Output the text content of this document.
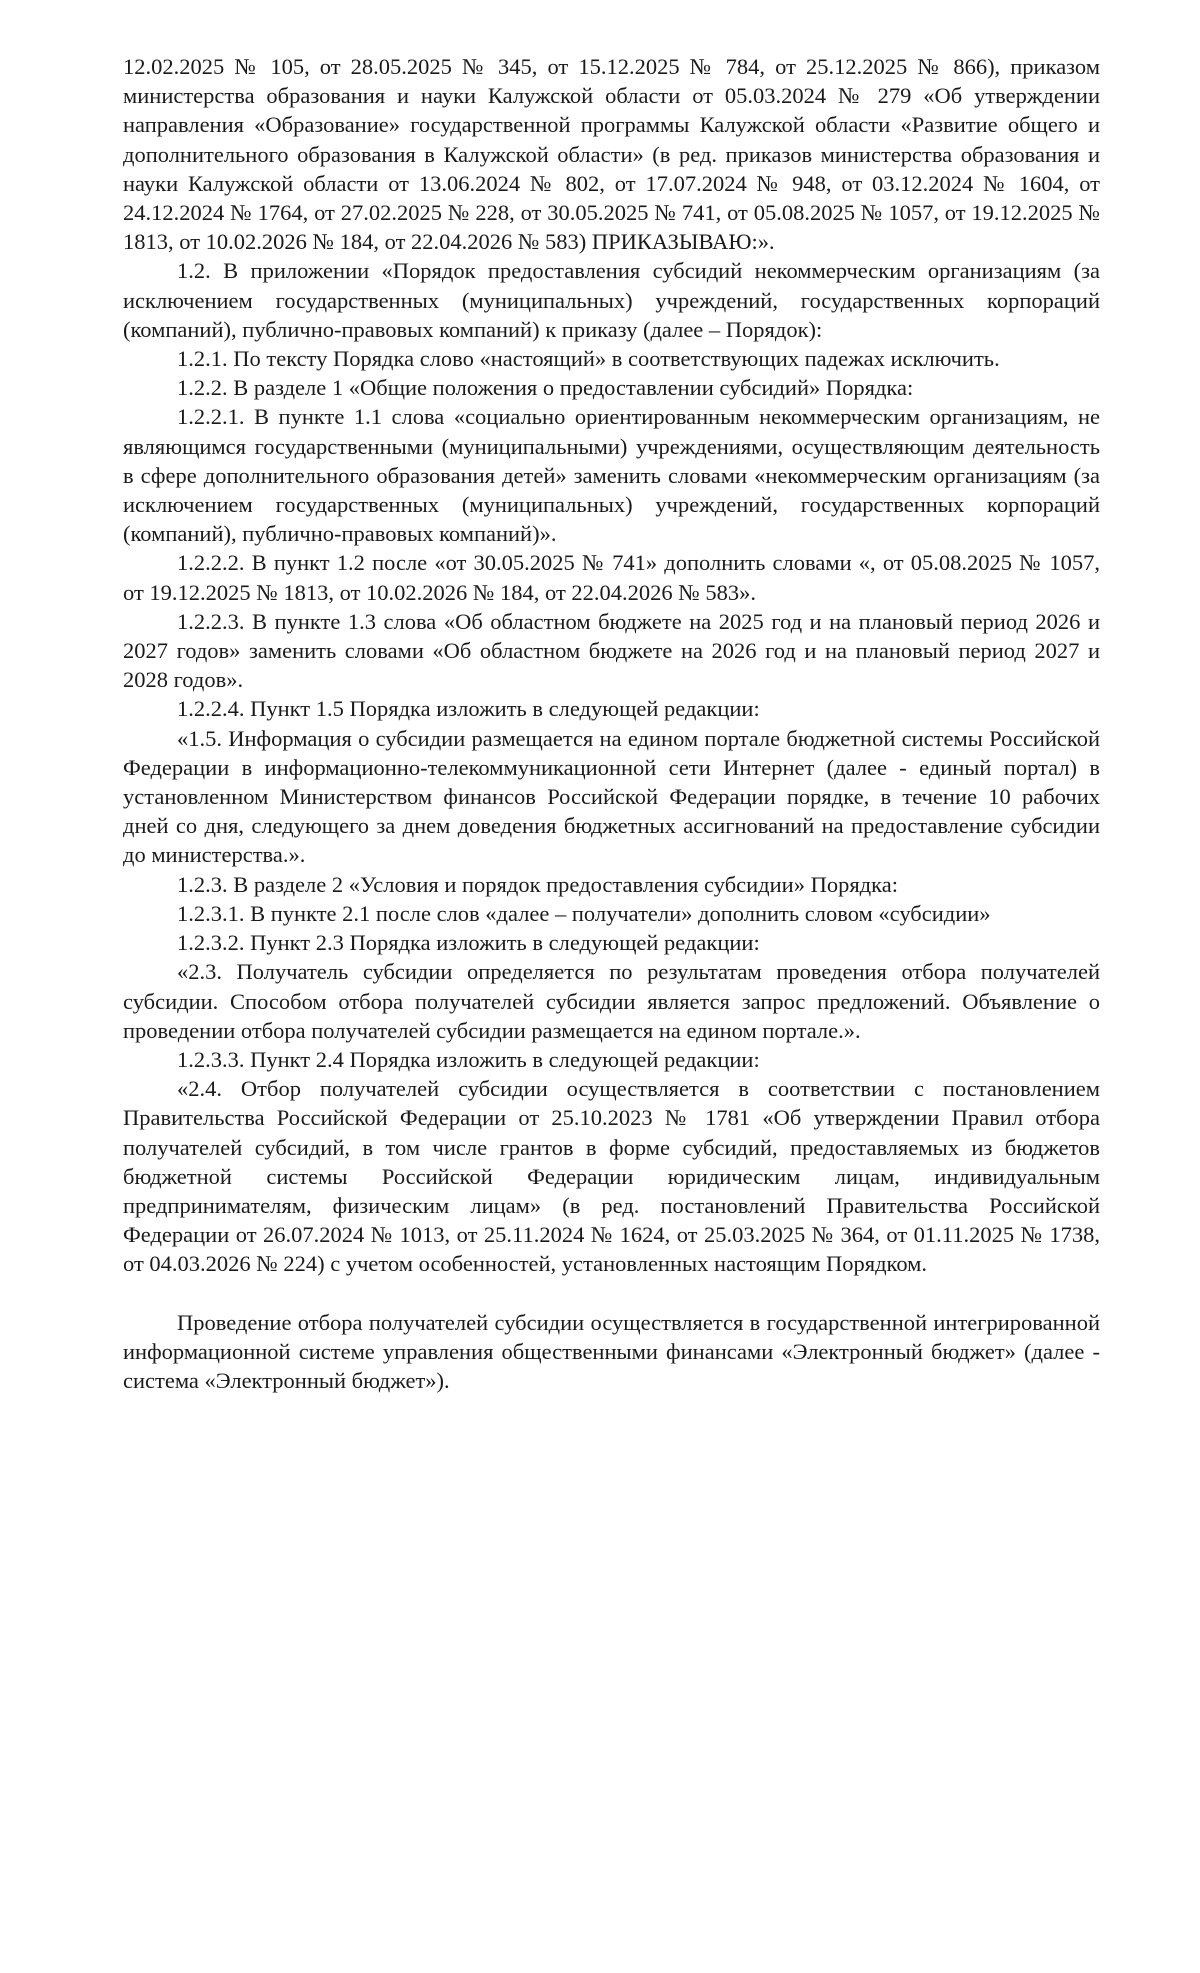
12.02.2025 № 105, от 28.05.2025 № 345, от 15.12.2025 № 784, от 25.12.2025 № 866), приказом министерства образования и науки Калужской области от 05.03.2024 № 279 «Об утверждении направления «Образование» государственной программы Калужской области «Развитие общего и дополнительного образования в Калужской области» (в ред. приказов министерства образования и науки Калужской области от 13.06.2024 № 802, от 17.07.2024 № 948, от 03.12.2024 № 1604, от 24.12.2024 № 1764, от 27.02.2025 № 228, от 30.05.2025 № 741, от 05.08.2025 № 1057, от 19.12.2025 № 1813, от 10.02.2026 № 184, от 22.04.2026 № 583) ПРИКАЗЫВАЮ:».

1.2. В приложении «Порядок предоставления субсидий некоммерческим организациям (за исключением государственных (муниципальных) учреждений, государственных корпораций (компаний), публично-правовых компаний) к приказу (далее – Порядок):

1.2.1. По тексту Порядка слово «настоящий» в соответствующих падежах исключить.

1.2.2. В разделе 1 «Общие положения о предоставлении субсидий» Порядка:

1.2.2.1. В пункте 1.1 слова «социально ориентированным некоммерческим организациям, не являющимся государственными (муниципальными) учреждениями, осуществляющим деятельность в сфере дополнительного образования детей» заменить словами «некоммерческим организациям (за исключением государственных (муниципальных) учреждений, государственных корпораций (компаний), публично-правовых компаний)».

1.2.2.2. В пункт 1.2 после «от 30.05.2025 № 741» дополнить словами «, от 05.08.2025 № 1057, от 19.12.2025 № 1813, от 10.02.2026 № 184, от 22.04.2026 № 583».

1.2.2.3. В пункте 1.3 слова «Об областном бюджете на 2025 год и на плановый период 2026 и 2027 годов» заменить словами «Об областном бюджете на 2026 год и на плановый период 2027 и 2028 годов».

1.2.2.4. Пункт 1.5 Порядка изложить в следующей редакции:

«1.5. Информация о субсидии размещается на едином портале бюджетной системы Российской Федерации в информационно-телекоммуникационной сети Интернет (далее - единый портал) в установленном Министерством финансов Российской Федерации порядке, в течение 10 рабочих дней со дня, следующего за днем доведения бюджетных ассигнований на предоставление субсидии до министерства.».

1.2.3. В разделе 2 «Условия и порядок предоставления субсидии» Порядка:

1.2.3.1. В пункте 2.1 после слов «далее – получатели» дополнить словом «субсидии»

1.2.3.2. Пункт 2.3 Порядка изложить в следующей редакции:

«2.3. Получатель субсидии определяется по результатам проведения отбора получателей субсидии. Способом отбора получателей субсидии является запрос предложений. Объявление о проведении отбора получателей субсидии размещается на едином портале.».

1.2.3.3. Пункт 2.4 Порядка изложить в следующей редакции:

«2.4. Отбор получателей субсидии осуществляется в соответствии с постановлением Правительства Российской Федерации от 25.10.2023 № 1781 «Об утверждении Правил отбора получателей субсидий, в том числе грантов в форме субсидий, предоставляемых из бюджетов бюджетной системы Российской Федерации юридическим лицам, индивидуальным предпринимателям, физическим лицам» (в ред. постановлений Правительства Российской Федерации от 26.07.2024 № 1013, от 25.11.2024 № 1624, от 25.03.2025 № 364, от 01.11.2025 № 1738, от 04.03.2026 № 224) с учетом особенностей, установленных настоящим Порядком.

Проведение отбора получателей субсидии осуществляется в государственной интегрированной информационной системе управления общественными финансами «Электронный бюджет» (далее - система «Электронный бюджет»).
